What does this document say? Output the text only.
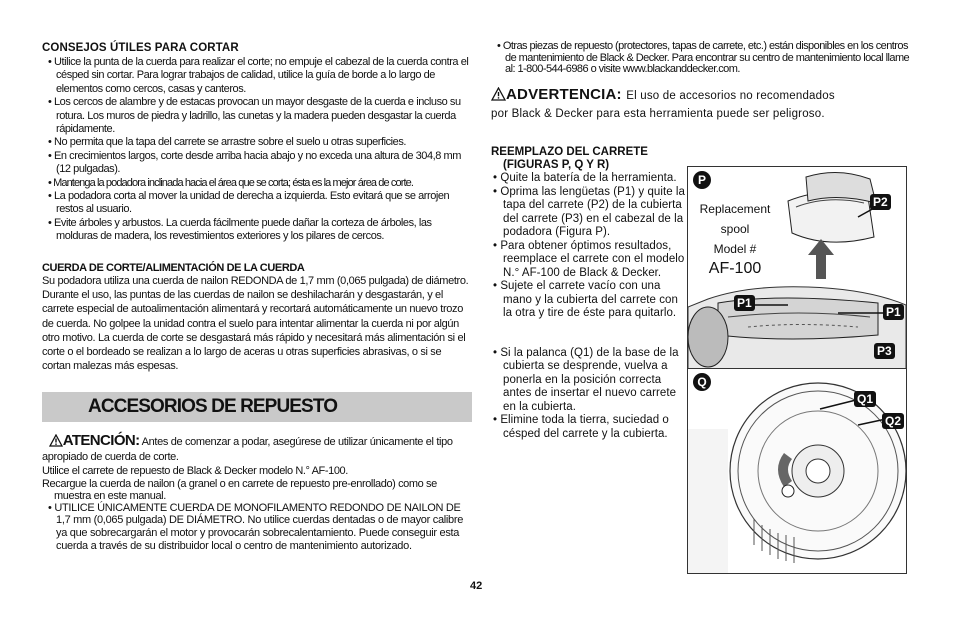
CONSEJOS ÚTILES PARA CORTAR

• Utilice la punta de la cuerda para realizar el corte; no empuje el cabezal de la cuerda contra el césped sin cortar. Para lograr trabajos de calidad, utilice la guía de borde a lo largo de elementos como cercos, casas y canteros.

• Los cercos de alambre y de estacas provocan un mayor desgaste de la cuerda e incluso su rotura. Los muros de piedra y ladrillo, las cunetas y la madera pueden desgastar la cuerda rápidamente.

• No permita que la tapa del carrete se arrastre sobre el suelo u otras superficies.

• En crecimientos largos, corte desde arriba hacia abajo y no exceda una altura de 304,8 mm (12 pulgadas).

• Mantenga la podadora inclinada hacia el área que se corta; ésta es la mejor área de corte.

• La podadora corta al mover la unidad de derecha a izquierda. Esto evitará que se arrojen restos al usuario.

• Evite árboles y arbustos. La cuerda fácilmente puede dañar la corteza de árboles, las molduras de madera, los revestimientos exteriores y los pilares de cercos.

CUERDA DE CORTE/ALIMENTACIÓN DE LA CUERDA

Su podadora utiliza una cuerda de nailon REDONDA de 1,7 mm (0,065 pulgada) de diámetro. Durante el uso, las puntas de las cuerdas de nailon se deshilacharán y desgastarán, y el carrete especial de autoalimentación alimentará y recortará automáticamente un nuevo trozo de cuerda. No golpee la unidad contra el suelo para intentar alimentar la cuerda ni por algún otro motivo. La cuerda de corte se desgastará más rápido y necesitará más alimentación si el corte o el bordeado se realizan a lo largo de aceras u otras superficies abrasivas, o si se cortan malezas más espesas.

ACCESORIOS DE REPUESTO
ATENCIÓN: Antes de comenzar a podar, asegúrese de utilizar únicamente el tipo apropiado de cuerda de corte.
Utilice el carrete de repuesto de Black & Decker modelo N.° AF-100.
Recargue la cuerda de nailon (a granel o en carrete de repuesto pre-enrollado) como se muestra en este manual.

• UTILICE ÚNICAMENTE CUERDA DE MONOFILAMENTO REDONDO DE NAILON DE 1,7 mm (0,065 pulgada) DE DIÁMETRO. No utilice cuerdas dentadas o de mayor calibre ya que sobrecargarán el motor y provocarán sobrecalentamiento. Puede conseguir esta cuerda a través de su distribuidor local o centro de mantenimiento autorizado.

• Otras piezas de repuesto (protectores, tapas de carrete, etc.) están disponibles en los centros de mantenimiento de Black & Decker. Para encontrar su centro de mantenimiento local llame al: 1-800-544-6986 o visite www.blackanddecker.com.

ADVERTENCIA: El uso de accesorios no recomendados
por Black & Decker para esta herramienta puede ser peligroso.
REEMPLAZO DEL CARRETE
(FIGURAS P, Q Y R)

• Quite la batería de la herramienta.

• Oprima las lengüetas (P1) y quite la tapa del carrete (P2) de la cubierta del carrete (P3) en el cabezal de la podadora (Figura P).

• Para obtener óptimos resultados, reemplace el carrete con el modelo N.° AF-100 de Black & Decker.

• Sujete el carrete vacío con una mano y la cubierta del carrete con la otra y tire de éste para quitarlo.

• Si la palanca (Q1) de la base de la cubierta se desprende, vuelva a ponerla en la posición correcta antes de insertar el nuevo carrete en la cubierta.

• Elimine toda la tierra, suciedad o césped del carrete y la cubierta.

P
Replacement
spool
Model #
AF-100
P2
P1
P1
P3
Q
Q1
Q2
42
